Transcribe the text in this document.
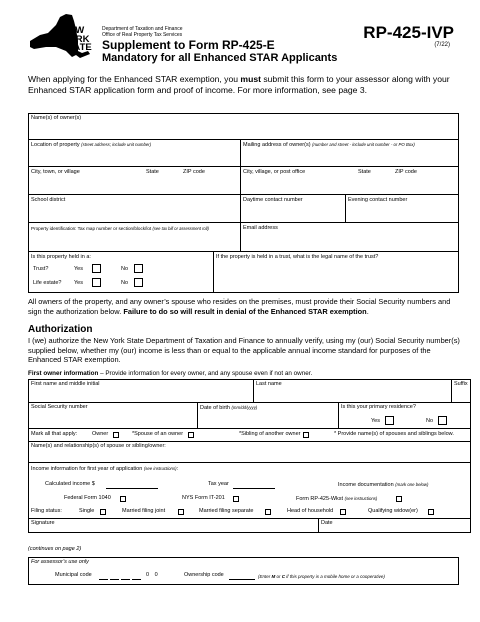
NEW
YORK
STATE
Department of Taxation and Finance
Office of Real Property Tax Services
Supplement to Form RP-425-E
Mandatory for all Enhanced STAR Applicants
RP-425-IVP
(7/22)
When applying for the Enhanced STAR exemption, you must submit this form to your assessor along with your Enhanced STAR application form and proof of income. For more information, see page 3.
Name(s) of owner(s)
Location of property (street address; include unit number)	Mailing address of owner(s) (number and street - include unit number - or PO Box)
City, town, or village	State	ZIP code	City, village, or post office	State	ZIP code
School district	Daytime contact number	Evening contact number
Property identification: Tax map number or section/block/lot (see tax bill or assessment roll)	Email address
Is this property held in a:
Trust?	Yes	No
Life estate? Yes	No
If the property is held in a trust, what is the legal name of the trust?
All owners of the property, and any owner’s spouse who resides on the premises, must provide their Social Security numbers and sign the authorization below. Failure to do so will result in denial of the Enhanced STAR exemption.
Authorization
I (we) authorize the New York State Department of Taxation and Finance to annually verify, using my (our) Social Security number(s) supplied below, whether my (our) income is less than or equal to the applicable annual income standard for purposes of the Enhanced STAR exemption.
First owner information – Provide information for every owner, and any spouse even if not an owner.
First name and middle initial	Last name	Suffix
Social Security number	Date of birth (mm/dd/yyyy)	Is this your primary residence?
Yes	No
Mark all that apply:	Owner	*Spouse of an owner	*Sibling of another owner	* Provide name(s) of spouses and siblings below.
Name(s) and relationship(s) of spouse or sibling/owner:
Income information for first year of application (see instructions):
Calculated income $	Tax year	Income documentation (mark one below)
Federal Form 1040	NYS Form IT-201	Form RP-425-Wkst (see instructions)
Filing status:	Single	Married filing joint	Married filing separate	Head of household	Qualifying widow(er)
Signature	Date
(continues on page 2)
For assessor’s use only
Municipal code	0 0	Ownership code	(Enter M or C if this property is a mobile home or a cooperative)
